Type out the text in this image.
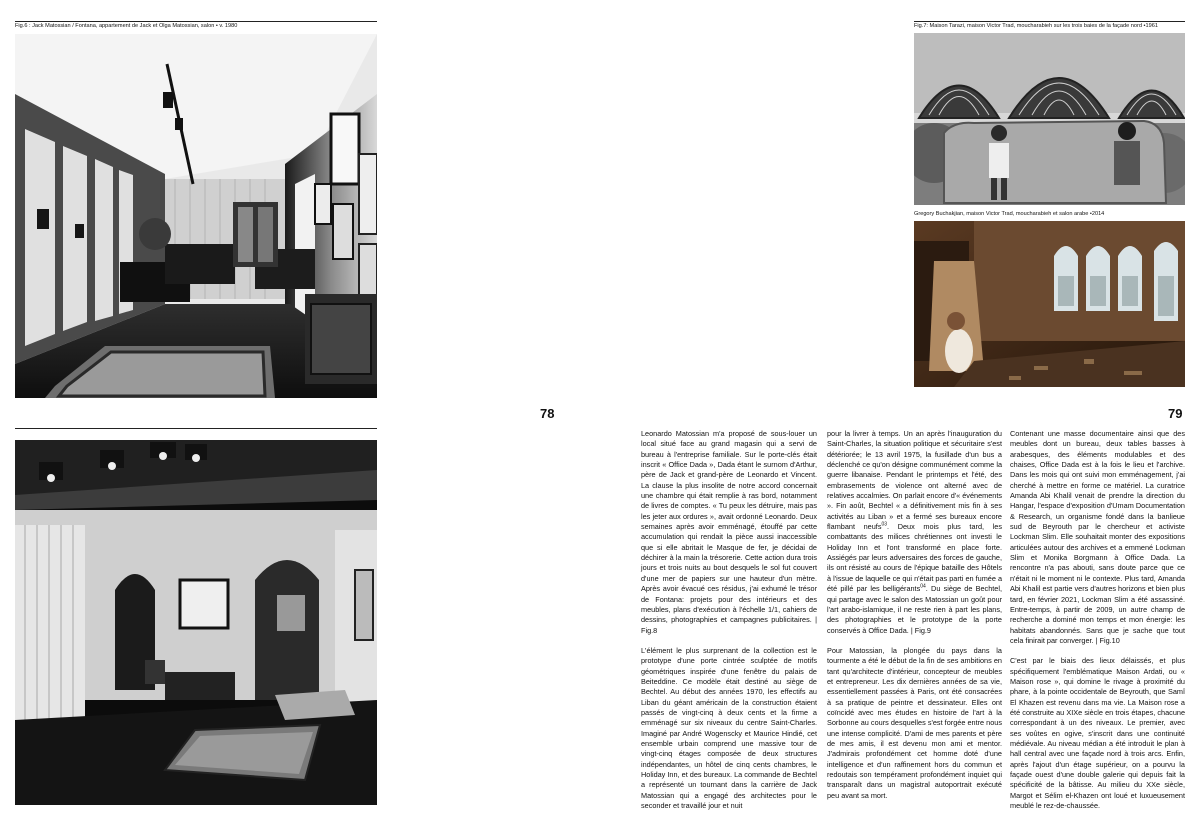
Fig.6 : Jack Matossian / Fontana, appartement de Jack et Olga Matossian, salon • v. 1980
78
Fig.7: Maison Tarazi, maison Victor Trad, moucharabieh sur les trois baies de la façade nord •1961
Gregory Buchakjian, maison Victor Trad, moucharabieh et salon arabe •2014
79

Leonardo Matossian m'a proposé de sous-louer un local situé face au grand magasin qui a servi de bureau à l'entreprise familiale. Sur le porte-clés était inscrit « Office Dada », Dada étant le surnom d'Arthur, père de Jack et grand-père de Leonardo et Vincent. La clause la plus insolite de notre accord concernait une chambre qui était remplie à ras bord, notamment de livres de comptes. « Tu peux les détruire, mais pas les jeter aux ordures », avait ordonné Leonardo. Deux semaines après avoir emménagé, étouffé par cette accumulation qui rendait la pièce aussi inaccessible que si elle abritait le Masque de fer, je décidai de déchirer à la main la trésorerie. Cette action dura trois jours et trois nuits au bout desquels le sol fut couvert d'une mer de papiers sur une hauteur d'un mètre. Après avoir évacué ces résidus, j'ai exhumé le trésor de Fontana: projets pour des intérieurs et des meubles, plans d'exécution à l'échelle 1/1, cahiers de dessins, photographies et campagnes publicitaires. | Fig.8

L'élément le plus surprenant de la collection est le prototype d'une porte cintrée sculptée de motifs géométriques inspirée d'une fenêtre du palais de Beiteddine. Ce modèle était destiné au siège de Bechtel. Au début des années 1970, les effectifs au Liban du géant américain de la construction étaient passés de vingt-cinq à deux cents et la firme a emménagé sur six niveaux du centre Saint-Charles. Imaginé par André Wogenscky et Maurice Hindié, cet ensemble urbain comprend une massive tour de vingt-cinq étages composée de deux structures indépendantes, un hôtel de cinq cents chambres, le Holiday Inn, et des bureaux. La commande de Bechtel a représenté un tournant dans la carrière de Jack Matossian qui a engagé des architectes pour le seconder et travaillé jour et nuit

pour la livrer à temps. Un an après l'inauguration du Saint-Charles, la situation politique et sécuritaire s'est détériorée; le 13 avril 1975, la fusillade d'un bus a déclenché ce qu'on désigne communément comme la guerre libanaise. Pendant le printemps et l'été, des embrasements de violence ont alterné avec de relatives accalmies. On parlait encore d'« événements ». Fin août, Bechtel « a définitivement mis fin à ses activités au Liban » et a fermé ses bureaux encore flambant neufs$^{03}$. Deux mois plus tard, les combattants des milices chrétiennes ont investi le Holiday Inn et l'ont transformé en place forte. Assiégés par leurs adversaires des forces de gauche, ils ont résisté au cours de l'épique bataille des Hôtels à l'issue de laquelle ce qui n'était pas parti en fumée a été pillé par les belligérants$^{04}$. Du siège de Bechtel, qui partage avec le salon des Matossian un goût pour l'art arabo-islamique, il ne reste rien à part les plans, des photographies et le prototype de la porte conservés à Office Dada. | Fig.9

Pour Matossian, la plongée du pays dans la tourmente a été le début de la fin de ses ambitions en tant qu'architecte d'intérieur, concepteur de meubles et entrepreneur. Les dix dernières années de sa vie, essentiellement passées à Paris, ont été consacrées à sa pratique de peintre et dessinateur. Elles ont coïncidé avec mes études en histoire de l'art à la Sorbonne au cours desquelles s'est forgée entre nous une intense complicité. D'ami de mes parents et père de mes amis, il est devenu mon ami et mentor. J'admirais profondément cet homme doté d'une intelligence et d'un raffinement hors du commun et redoutais son tempérament profondément inquiet qui transparaît dans un magistral autoportrait exécuté peu avant sa mort.

Contenant une masse documentaire ainsi que des meubles dont un bureau, deux tables basses à arabesques, des éléments modulables et des chaises, Office Dada est à la fois le lieu et l'archive. Dans les mois qui ont suivi mon emménagement, j'ai cherché à mettre en forme ce matériel. La curatrice Amanda Abi Khalil venait de prendre la direction du Hangar, l'espace d'exposition d'Umam Documentation & Research, un organisme fondé dans la banlieue sud de Beyrouth par le chercheur et activiste Lockman Slim. Elle souhaitait monter des expositions articulées autour des archives et a emmené Lockman Slim et Monika Borgmann à Office Dada. La rencontre n'a pas abouti, sans doute parce que ce n'était ni le moment ni le contexte. Plus tard, Amanda Abi Khalil est partie vers d'autres horizons et bien plus tard, en février 2021, Lockman Slim a été assassiné. Entre-temps, à partir de 2009, un autre champ de recherche a dominé mon temps et mon énergie: les habitats abandonnés. Sans que je sache que tout cela finirait par converger. | Fig.10

C'est par le biais des lieux délaissés, et plus spécifiquement l'emblématique Maison Ardati, ou « Maison rose », qui domine le rivage à proximité du phare, à la pointe occidentale de Beyrouth, que Samî El Khazen est revenu dans ma vie. La Maison rose a été construite au XIXe siècle en trois étapes, chacune correspondant à un des niveaux. Le premier, avec ses voûtes en ogive, s'inscrit dans une continuité médiévale. Au niveau médian a été introduit le plan à hall central avec une façade nord à trois arcs. Enfin, après l'ajout d'un étage supérieur, on a pourvu la façade ouest d'une double galerie qui depuis fait la spécificité de la bâtisse. Au milieu du XXe siècle, Margot et Sélim el-Khazen ont loué et luxueusement meublé le rez-de-chaussée.
